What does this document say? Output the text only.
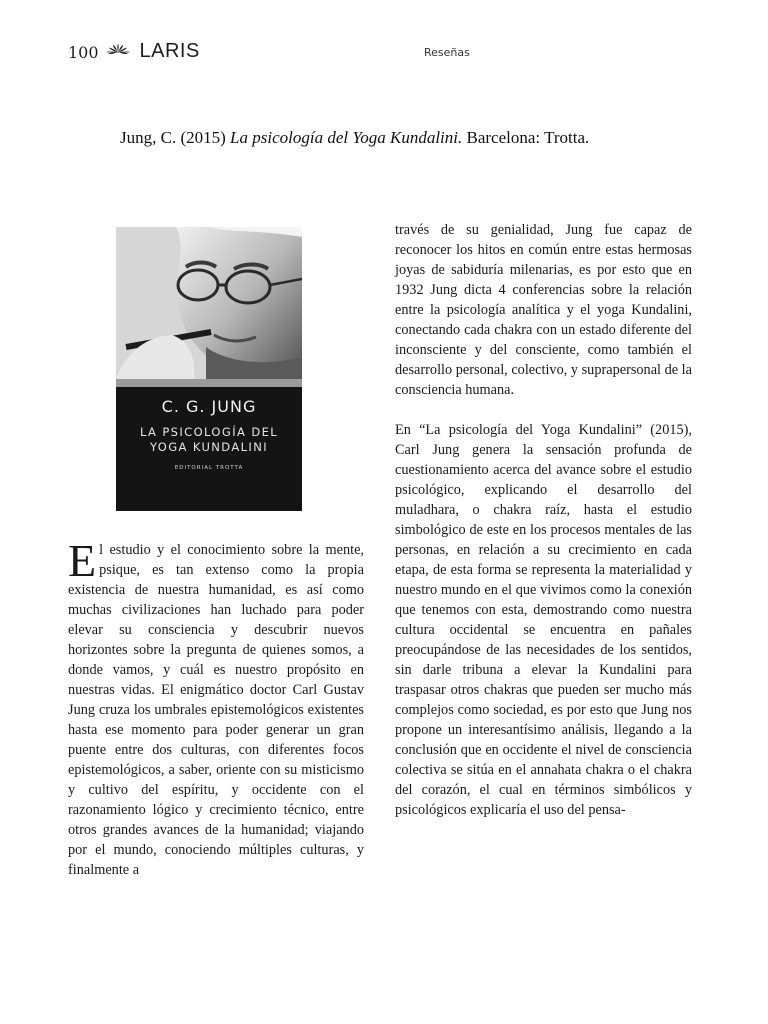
100 LARIS	Reseñas
Jung, C. (2015) La psicología del Yoga Kundalini. Barcelona: Trotta.
C. G. JUNG
LA PSICOLOGÍA DEL
YOGA KUNDALINI
EDITORIAL TROTTA

El estudio y el conocimiento sobre la mente, psique, es tan extenso como la propia existencia de nuestra humanidad, es así como muchas civilizaciones han luchado para poder elevar su consciencia y descubrir nuevos horizontes sobre la pregunta de quienes somos, a donde vamos, y cuál es nuestro propósito en nuestras vidas. El enigmático doctor Carl Gustav Jung cruza los umbrales epistemológicos existentes hasta ese momento para poder generar un gran puente entre dos culturas, con diferentes focos epistemológicos, a saber, oriente con su misticismo y cultivo del espíritu, y occidente con el razonamiento lógico y crecimiento técnico, entre otros grandes avances de la humanidad; viajando por el mundo, conociendo múltiples culturas, y finalmente a

través de su genialidad, Jung fue capaz de reconocer los hitos en común entre estas hermosas joyas de sabiduría milenarias, es por esto que en 1932 Jung dicta 4 conferencias sobre la relación entre la psicología analítica y el yoga Kundalini, conectando cada chakra con un estado diferente del inconsciente y del consciente, como también el desarrollo personal, colectivo, y suprapersonal de la consciencia humana.

En “La psicología del Yoga Kundalini” (2015), Carl Jung genera la sensación profunda de cuestionamiento acerca del avance sobre el estudio psicológico, explicando el desarrollo del muladhara, o chakra raíz, hasta el estudio simbológico de este en los procesos mentales de las personas, en relación a su crecimiento en cada etapa, de esta forma se representa la materialidad y nuestro mundo en el que vivimos como la conexión que tenemos con esta, demostrando como nuestra cultura occidental se encuentra en pañales preocupándose de las necesidades de los sentidos, sin darle tribuna a elevar la Kundalini para traspasar otros chakras que pueden ser mucho más complejos como sociedad, es por esto que Jung nos propone un interesantísimo análisis, llegando a la conclusión que en occidente el nivel de consciencia colectiva se sitúa en el annahata chakra o el chakra del corazón, el cual en términos simbólicos y psicológicos explicaría el uso del pensa-
